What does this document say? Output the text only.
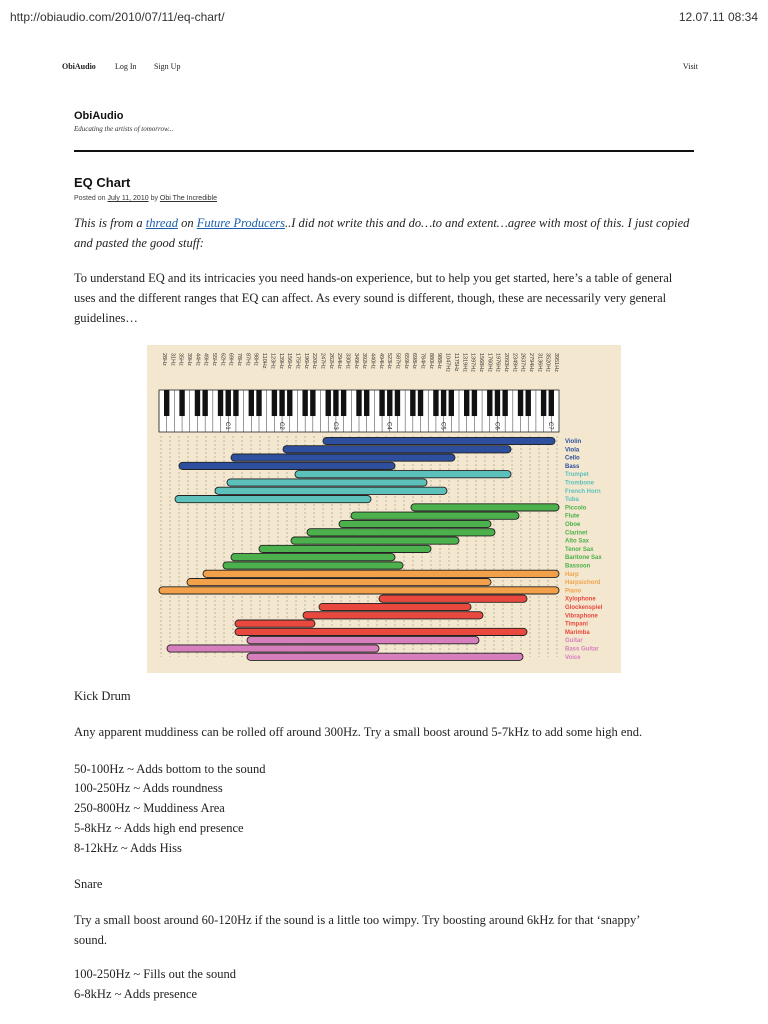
http://obiaudio.com/2010/07/11/eq-chart/	12.07.11 08:34
ObiAudio Log In Sign Up	Visit
ObiAudio
Educating the artists of tomorrow...
EQ Chart
Posted on July 11, 2010 by Obi The Incredible
This is from a thread on Future Producers..I did not write this and do…to and extent…agree with most of this. I just copied and pasted the good stuff:
To understand EQ and its intricacies you need hands-on experience, but to help you get started, here’s a table of general uses and the different ranges that EQ can affect. As every sound is different, though, these are necessarily very general guidelines…
28Hz 31Hz 35Hz 39Hz 44Hz 49Hz 55Hz 62Hz 69Hz 78Hz 87Hz 98Hz 110Hz 123Hz 139Hz 156Hz 175Hz 196Hz 220Hz 247Hz 262Hz 294Hz 330Hz 349Hz 392Hz 440Hz 494Hz 523Hz 587Hz 659Hz 698Hz 784Hz 880Hz 988Hz 1047Hz 1175Hz 1319Hz 1397Hz 1568Hz 1760Hz 1976Hz 2093Hz 2349Hz 2637Hz 2794Hz 3136Hz 3520Hz 3951Hz
C1	C2	C3	C4	C5	C6	C7
Violin
Viola
Cello
Bass
Trumpet
Trombone
French Horn
Tuba
Piccolo
Flute
Oboe
Clarinet
Alto Sax
Tenor Sax
Baritone Sax
Bassoon
Harp
Harpsichord
Piano
Xylophone
Glockenspiel
Vibraphone
Timpani
Marimba
Guitar
Bass Guitar
Voice
Kick Drum
Any apparent muddiness can be rolled off around 300Hz. Try a small boost around 5-7kHz to add some high end.
50-100Hz ~ Adds bottom to the sound
100-250Hz ~ Adds roundness
250-800Hz ~ Muddiness Area
5-8kHz ~ Adds high end presence
8-12kHz ~ Adds Hiss
Snare
Try a small boost around 60-120Hz if the sound is a little too wimpy. Try boosting around 6kHz for that ‘snappy’
sound.
100-250Hz ~ Fills out the sound
6-8kHz ~ Adds presence
